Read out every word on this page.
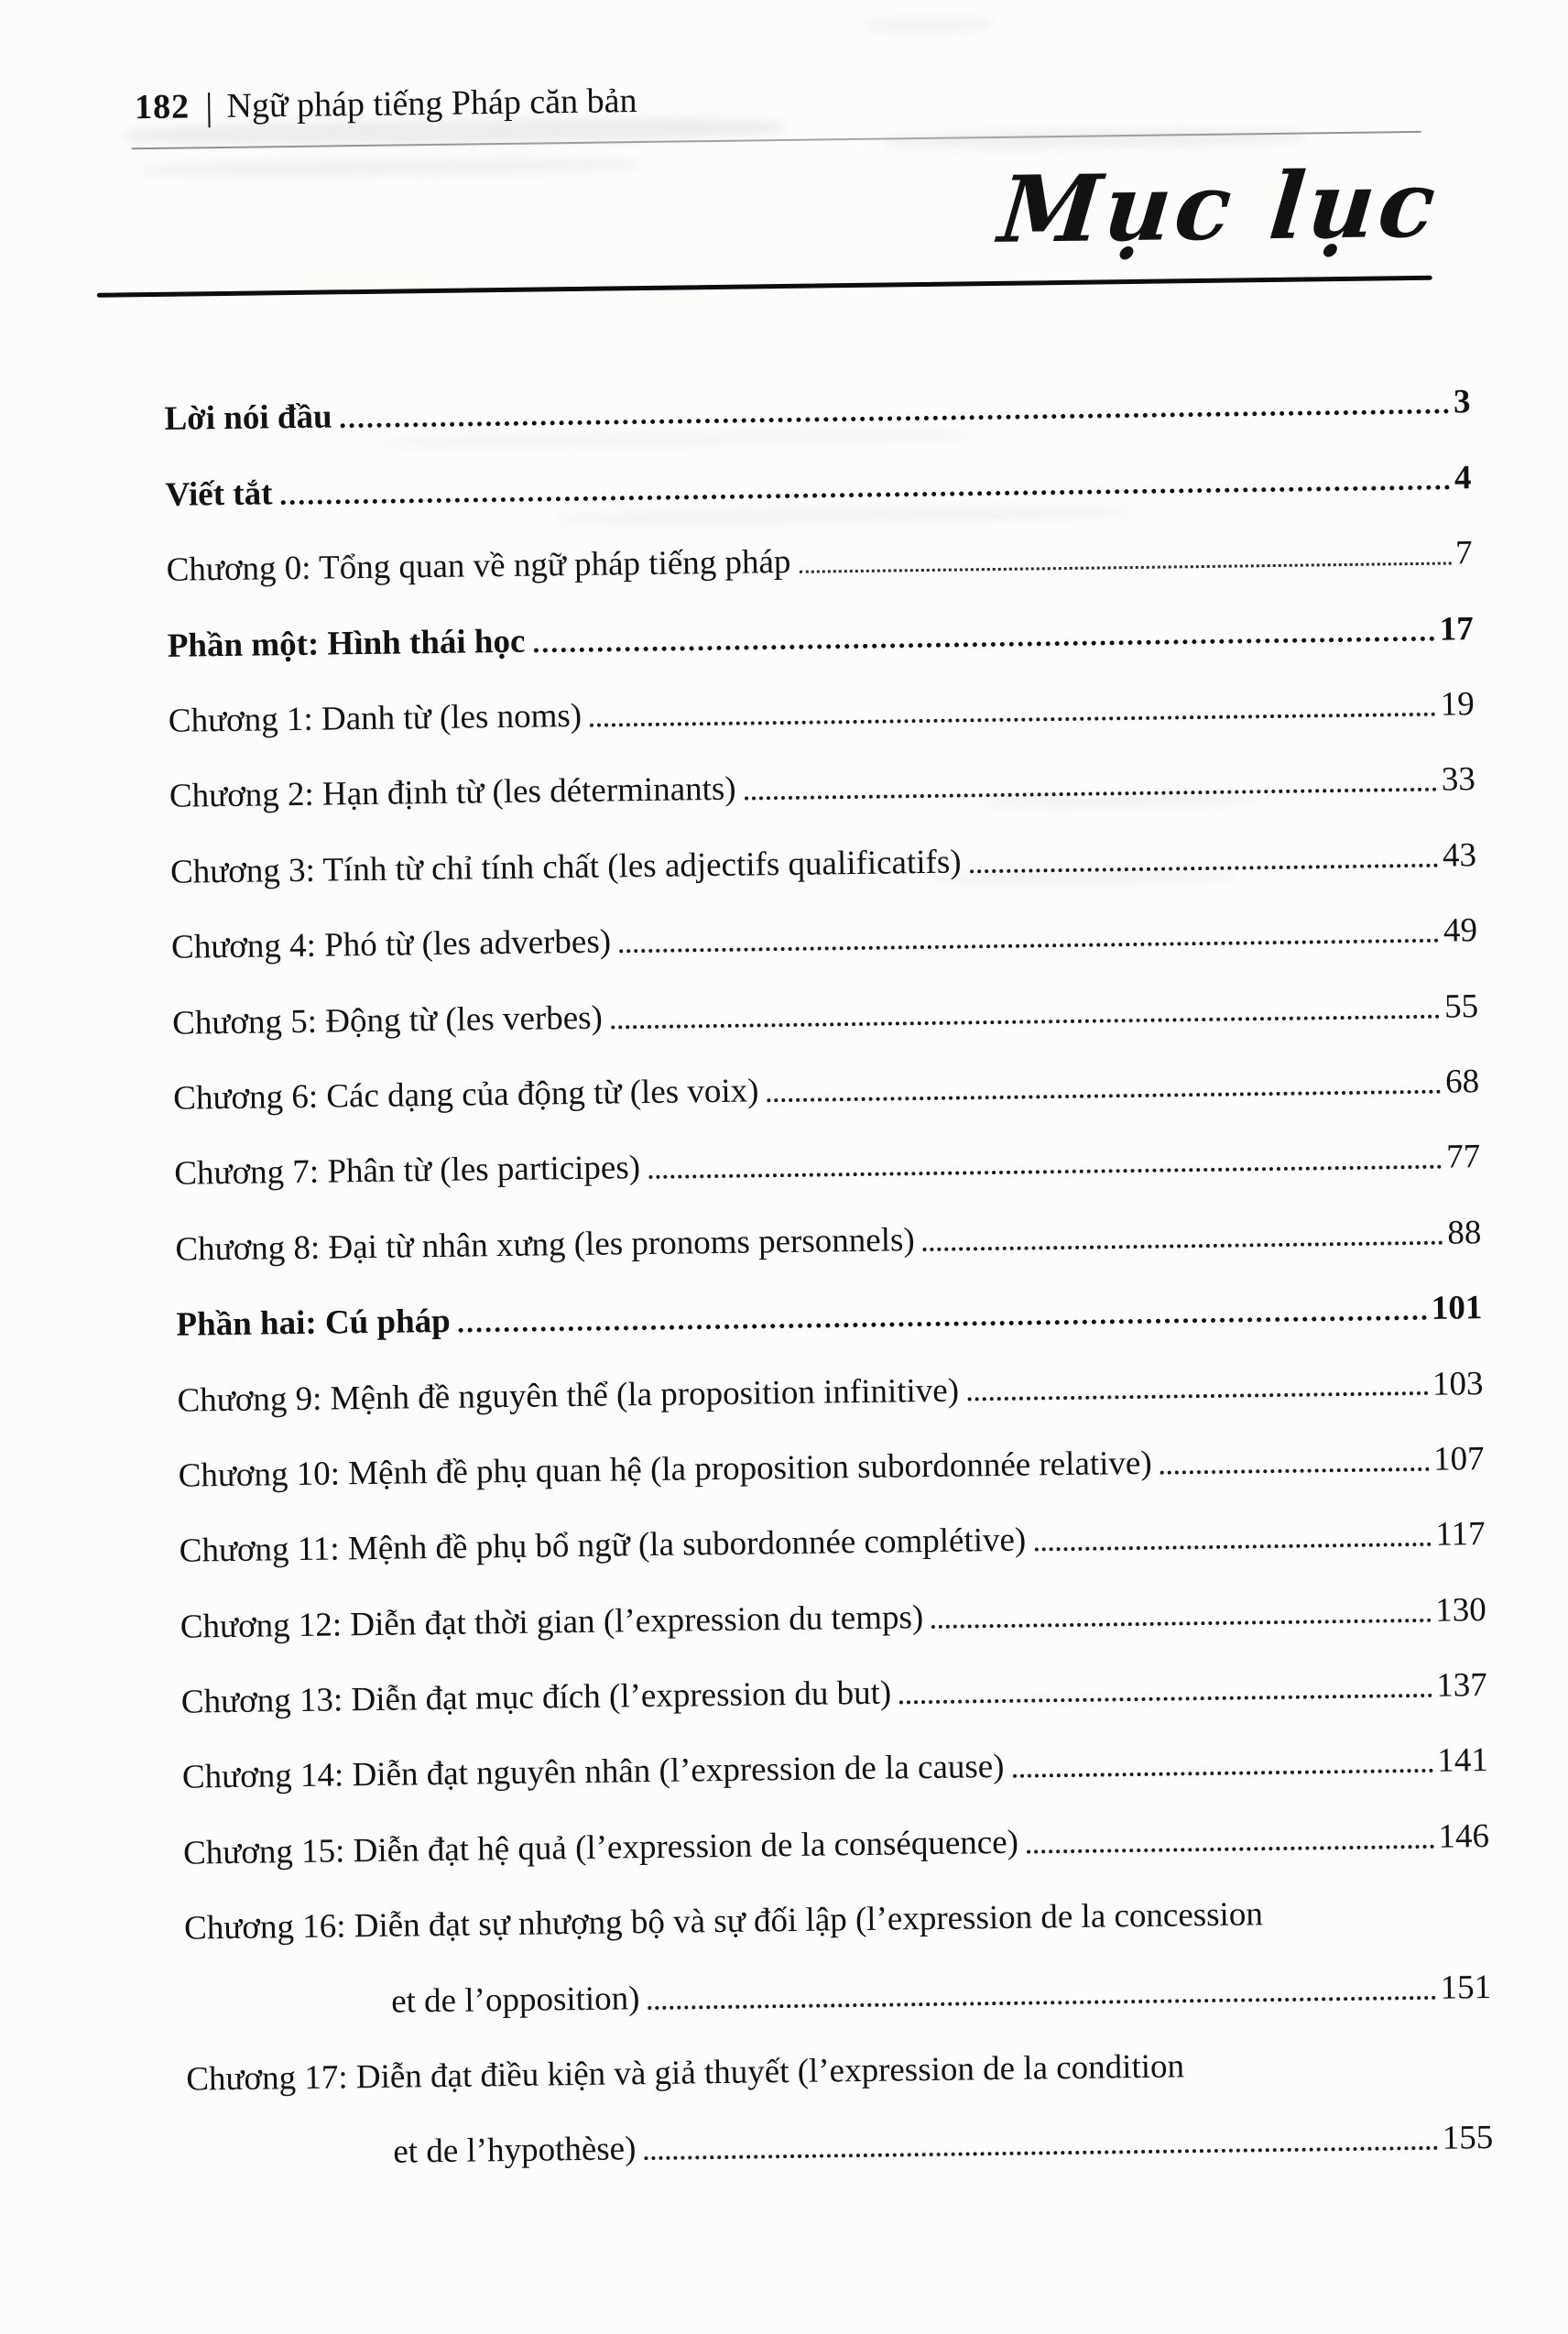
182 | Ngữ pháp tiếng Pháp căn bản
Mục lục
Lời nói đầu	3
Viết tắt	4
Chương 0: Tổng quan về ngữ pháp tiếng pháp	7
Phần một: Hình thái học	17
Chương 1: Danh từ (les noms)	19
Chương 2: Hạn định từ (les déterminants)	33
Chương 3: Tính từ chỉ tính chất (les adjectifs qualificatifs)	43
Chương 4: Phó từ (les adverbes)	49
Chương 5: Động từ (les verbes)	55
Chương 6: Các dạng của động từ (les voix)	68
Chương 7: Phân từ (les participes)	77
Chương 8: Đại từ nhân xưng (les pronoms personnels)	88
Phần hai: Cú pháp	101
Chương 9: Mệnh đề nguyên thể (la proposition infinitive)	103
Chương 10: Mệnh đề phụ quan hệ (la proposition subordonnée relative)	107
Chương 11: Mệnh đề phụ bổ ngữ (la subordonnée complétive)	117
Chương 12: Diễn đạt thời gian (l’expression du temps)	130
Chương 13: Diễn đạt mục đích (l’expression du but)	137
Chương 14: Diễn đạt nguyên nhân (l’expression de la cause)	141
Chương 15: Diễn đạt hệ quả (l’expression de la conséquence)	146
Chương 16: Diễn đạt sự nhượng bộ và sự đối lập (l’expression de la concession
et de l’opposition)	151
Chương 17: Diễn đạt điều kiện và giả thuyết (l’expression de la condition
et de l’hypothèse)	155
